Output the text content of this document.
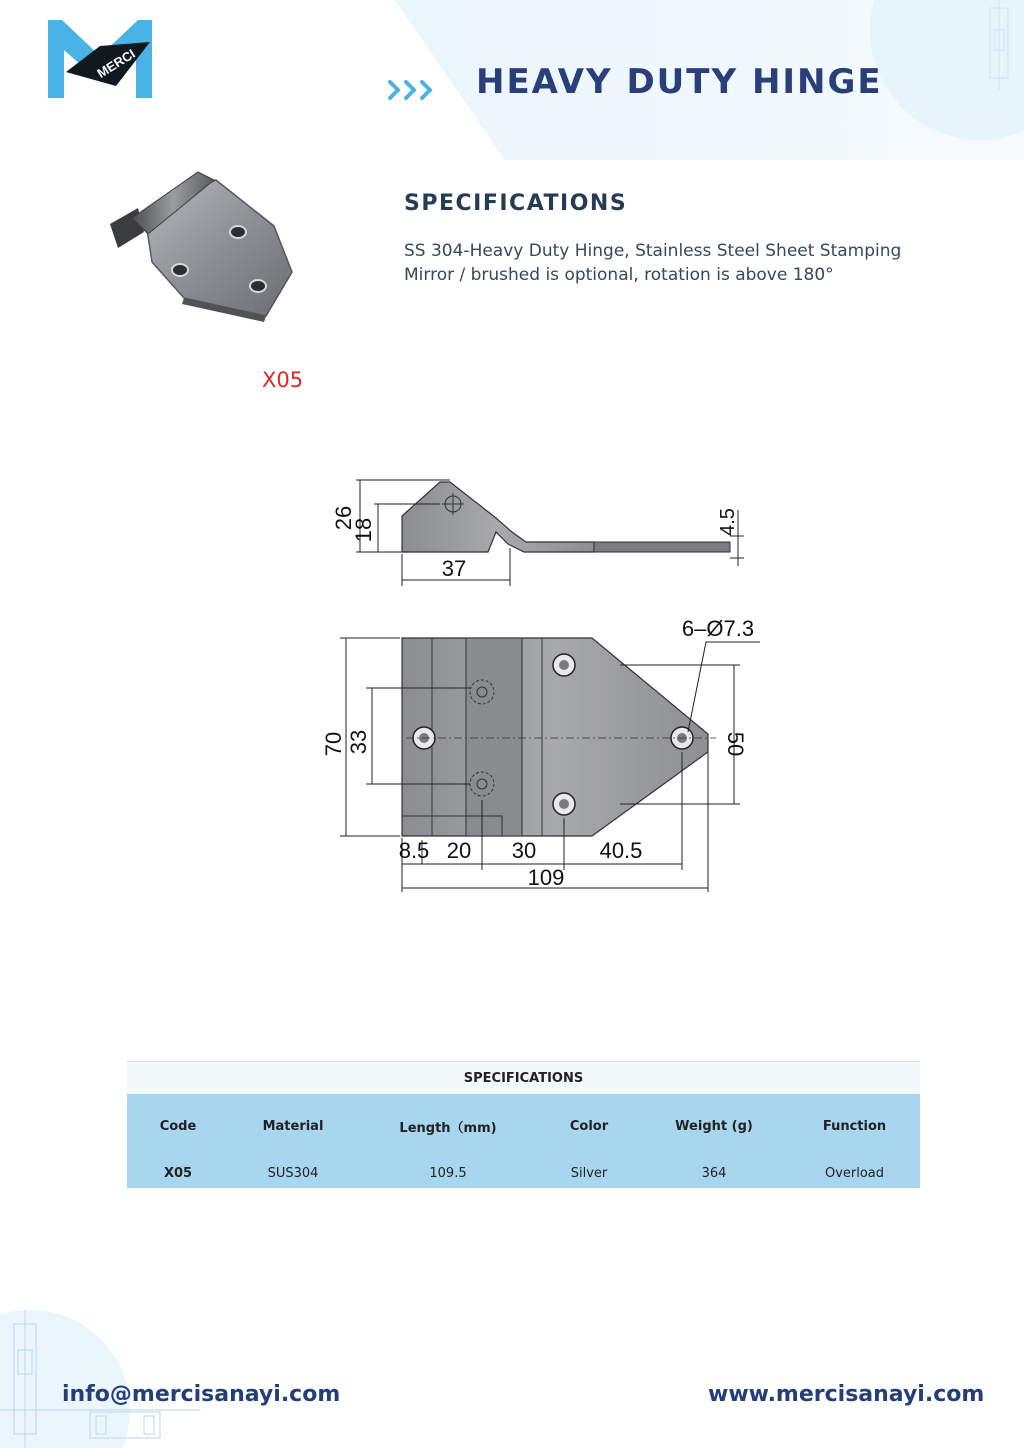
MERCI	HEAVY DUTY HINGE
X05
SPECIFICATIONS
SS 304-Heavy Duty Hinge, Stainless Steel Sheet Stamping
Mirror / brushed is optional, rotation is above 180°
26
18
37
4.5
6–Ø7.3
70 33	50
8.5 20 30	40.5
109
SPECIFICATIONS					
Code	Material	Length（mm)	Color	Weight (g)	Function
X05	SUS304	109.5	Silver	364	Overload
info@mercisanayi.com	www.mercisanayi.com
